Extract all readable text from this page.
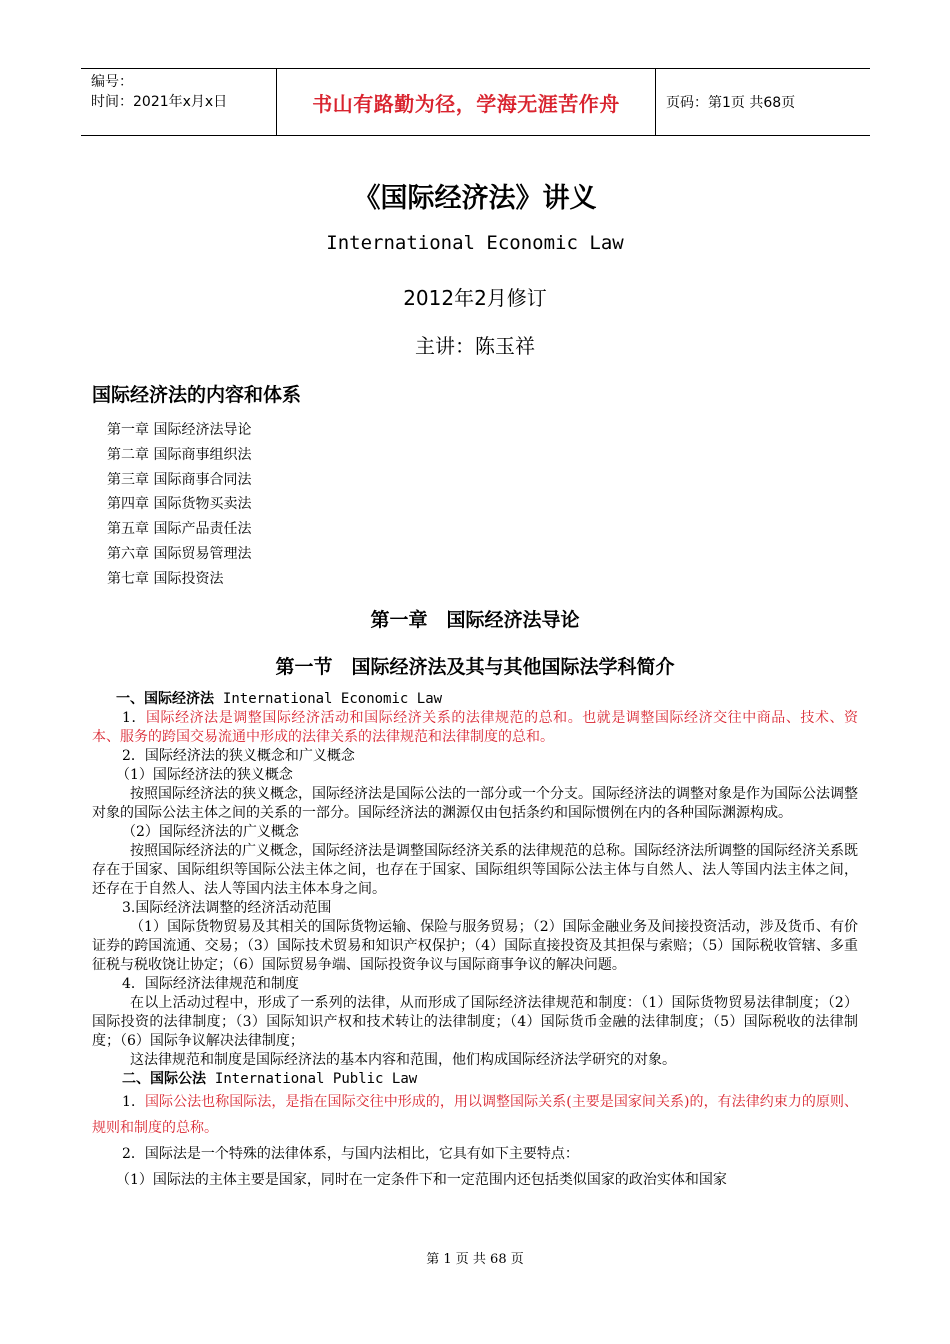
编号：
时间：2021年x月x日	书山有路勤为径，学海无涯苦作舟	页码：第1页 共68页
《国际经济法》讲义
International Economic Law
2012年2月修订
主讲：陈玉祥
国际经济法的内容和体系
第一章 国际经济法导论
第二章 国际商事组织法
第三章 国际商事合同法
第四章 国际货物买卖法
第五章 国际产品责任法
第六章 国际贸易管理法
第七章 国际投资法
第一章　国际经济法导论
第一节　国际经济法及其与其他国际法学科简介

一、国际经济法 International Economic Law

1．国际经济法是调整国际经济活动和国际经济关系的法律规范的总和。也就是调整国际经济交往中商品、技术、资本、服务的跨国交易流通中形成的法律关系的法律规范和法律制度的总和。

2．国际经济法的狭义概念和广义概念

（1）国际经济法的狭义概念

按照国际经济法的狭义概念，国际经济法是国际公法的一部分或一个分支。国际经济法的调整对象是作为国际公法调整对象的国际公法主体之间的关系的一部分。国际经济法的渊源仅由包括条约和国际惯例在内的各种国际渊源构成。

（2）国际经济法的广义概念

按照国际经济法的广义概念，国际经济法是调整国际经济关系的法律规范的总称。国际经济法所调整的国际经济关系既存在于国家、国际组织等国际公法主体之间，也存在于国家、国际组织等国际公法主体与自然人、法人等国内法主体之间，还存在于自然人、法人等国内法主体本身之间。

3.国际经济法调整的经济活动范围

（1）国际货物贸易及其相关的国际货物运输、保险与服务贸易；（2）国际金融业务及间接投资活动，涉及货币、有价证券的跨国流通、交易；（3）国际技术贸易和知识产权保护；（4）国际直接投资及其担保与索赔；（5）国际税收管辖、多重征税与税收饶让协定；（6）国际贸易争端、国际投资争议与国际商事争议的解决问题。

4．国际经济法律规范和制度

在以上活动过程中，形成了一系列的法律，从而形成了国际经济法律规范和制度：（1）国际货物贸易法律制度；（2）国际投资的法律制度；（3）国际知识产权和技术转让的法律制度；（4）国际货币金融的法律制度；（5）国际税收的法律制度；（6）国际争议解决法律制度；

这法律规范和制度是国际经济法的基本内容和范围，他们构成国际经济法学研究的对象。

二、国际公法 International Public Law

1．国际公法也称国际法，是指在国际交往中形成的，用以调整国际关系(主要是国家间关系)的，有法律约束力的原则、规则和制度的总称。

2．国际法是一个特殊的法律体系，与国内法相比，它具有如下主要特点：

（1）国际法的主体主要是国家，同时在一定条件下和一定范围内还包括类似国家的政治实体和国家

第 1 页 共 68 页
